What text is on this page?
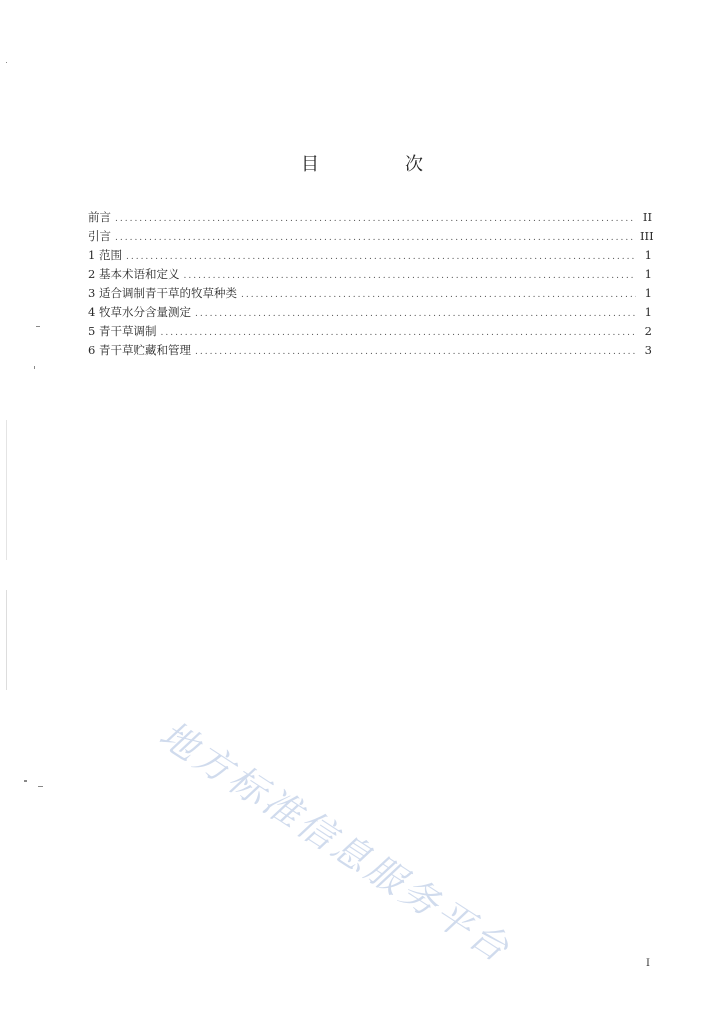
目　次
前言 .....	II
引言 .....	III
1 范围 .....	1
2 基本术语和定义 .....	1
3 适合调制青干草的牧草种类 .....	1
4 牧草水分含量测定 .....	1
5 青干草调制 .....	2
6 青干草贮藏和管理 .....	3
地方标准信息服务平台	I
